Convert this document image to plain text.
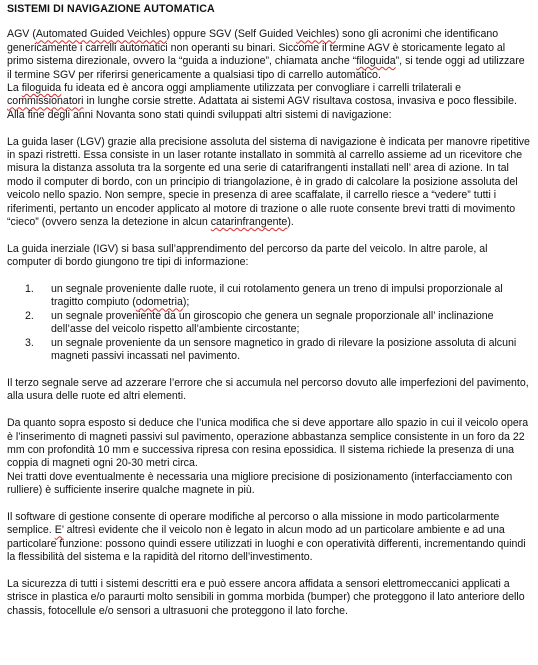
SISTEMI DI NAVIGAZIONE AUTOMATICA

AGV (Automated Guided Veichles) oppure SGV (Self Guided Veichles) sono gli acronimi che identificano genericamente i carrelli automatici non operanti su binari. Siccome il termine AGV è storicamente legato al primo sistema direzionale, ovvero la “guida a induzione”, chiamata anche “filoguida”, si tende oggi ad utilizzare il termine SGV per riferirsi genericamente a qualsiasi tipo di carrello automatico.

La filoguida fu ideata ed è ancora oggi ampliamente utilizzata per convogliare i carrelli trilaterali e commissionatori in lunghe corsie strette. Adattata ai sistemi AGV risultava costosa, invasiva e poco flessibile.

Alla fine degli anni Novanta sono stati quindi sviluppati altri sistemi di navigazione:

La guida laser (LGV) grazie alla precisione assoluta del sistema di navigazione è indicata per manovre ripetitive in spazi ristretti. Essa consiste in un laser rotante installato in sommità al carrello assieme ad un ricevitore che misura la distanza assoluta tra la sorgente ed una serie di catarifrangenti installati nell’ area di azione. In tal modo il computer di bordo, con un principio di triangolazione, è in grado di calcolare la posizione assoluta del veicolo nello spazio. Non sempre, specie in presenza di aree scaffalate, il carrello riesce a “vedere” tutti i riferimenti, pertanto un encoder applicato al motore di trazione o alle ruote consente brevi tratti di movimento “cieco” (ovvero senza la detezione in alcun catarinfrangente).

La guida inerziale (IGV) si basa sull’apprendimento del percorso da parte del veicolo. In altre parole, al computer di bordo giungono tre tipi di informazione:

1. un segnale proveniente dalle ruote, il cui rotolamento genera un treno di impulsi proporzionale al tragitto compiuto (odometria);
2. un segnale proveniente da un giroscopio che genera un segnale proporzionale all’ inclinazione dell’asse del veicolo rispetto all’ambiente circostante;
3. un segnale proveniente da un sensore magnetico in grado di rilevare la posizione assoluta di alcuni magneti passivi incassati nel pavimento.

Il terzo segnale serve ad azzerare l’errore che si accumula nel percorso dovuto alle imperfezioni del pavimento, alla usura delle ruote ed altri elementi.

Da quanto sopra esposto si deduce che l’unica modifica che si deve apportare allo spazio in cui il veicolo opera è l’inserimento di magneti passivi sul pavimento, operazione abbastanza semplice consistente in un foro da 22 mm con profondità 10 mm e successiva ripresa con resina epossidica. Il sistema richiede la presenza di una coppia di magneti ogni 20-30 metri circa.

Nei tratti dove eventualmente è necessaria una migliore precisione di posizionamento (interfacciamento con rulliere) è sufficiente inserire qualche magnete in più.

Il software di gestione consente di operare modifiche al percorso o alla missione in modo particolarmente semplice. E’ altresì evidente che il veicolo non è legato in alcun modo ad un particolare ambiente e ad una particolare funzione: possono quindi essere utilizzati in luoghi e con operatività differenti, incrementando quindi la flessibilità del sistema e la rapidità del ritorno dell’investimento.

La sicurezza di tutti i sistemi descritti era e può essere ancora affidata a sensori elettromeccanici applicati a strisce in plastica e/o paraurti molto sensibili in gomma morbida (bumper) che proteggono il lato anteriore dello chassis, fotocellule e/o sensori a ultrasuoni che proteggono il lato forche.
